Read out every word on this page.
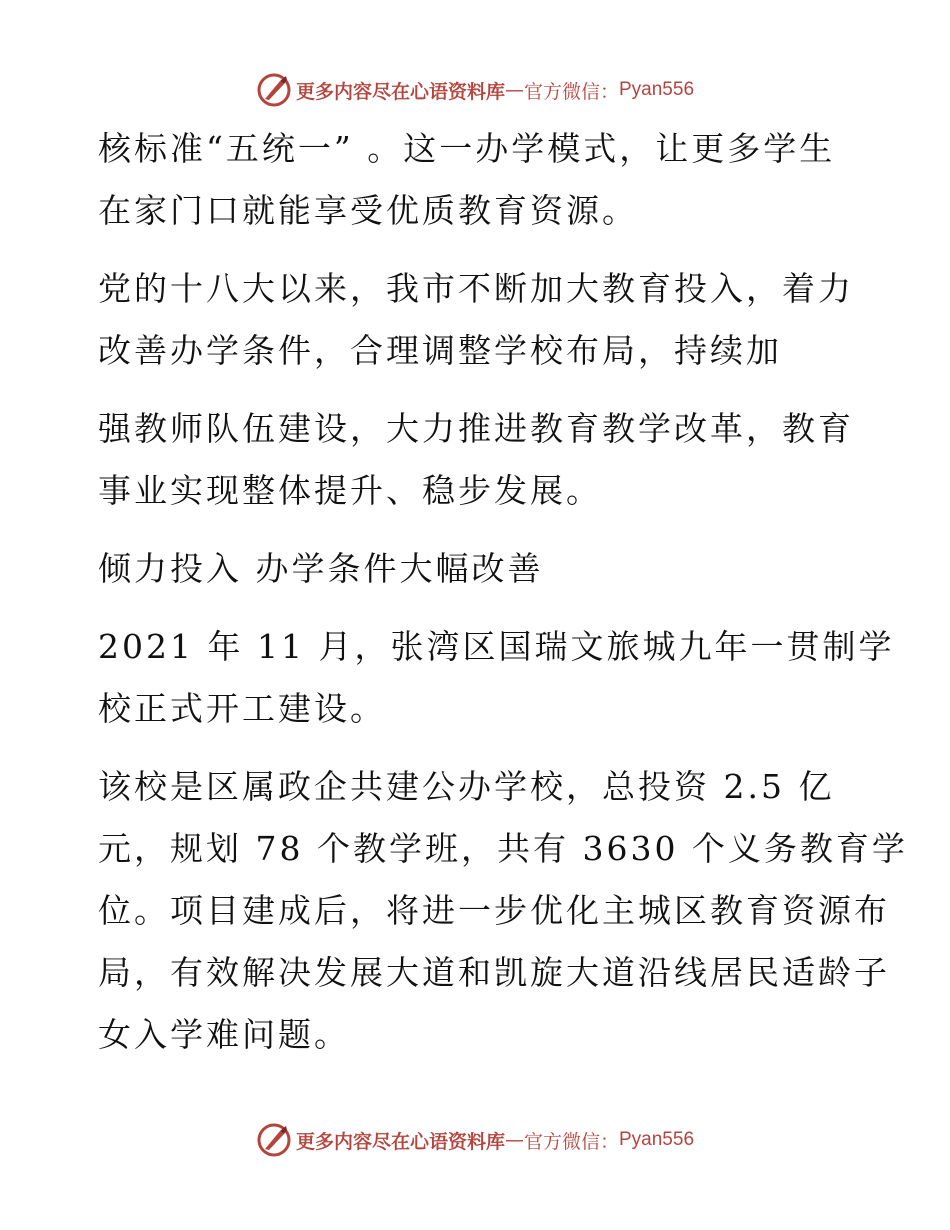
更多内容尽在心语资料库 — 官方微信： Pyan556

核标准“五统一” 。这一办学模式，让更多学生
在家门口就能享受优质教育资源。

党的十八大以来，我市不断加大教育投入，着力
改善办学条件，合理调整学校布局，持续加

强教师队伍建设，大力推进教育教学改革，教育
事业实现整体提升、稳步发展。

倾力投入 办学条件大幅改善

2021 年 11 月，张湾区国瑞文旅城九年一贯制学
校正式开工建设。

该校是区属政企共建公办学校，总投资 2.5 亿
元，规划 78 个教学班，共有 3630 个义务教育学
位。项目建成后，将进一步优化主城区教育资源布
局，有效解决发展大道和凯旋大道沿线居民适龄子
女入学难问题。

更多内容尽在心语资料库 — 官方微信： Pyan556
